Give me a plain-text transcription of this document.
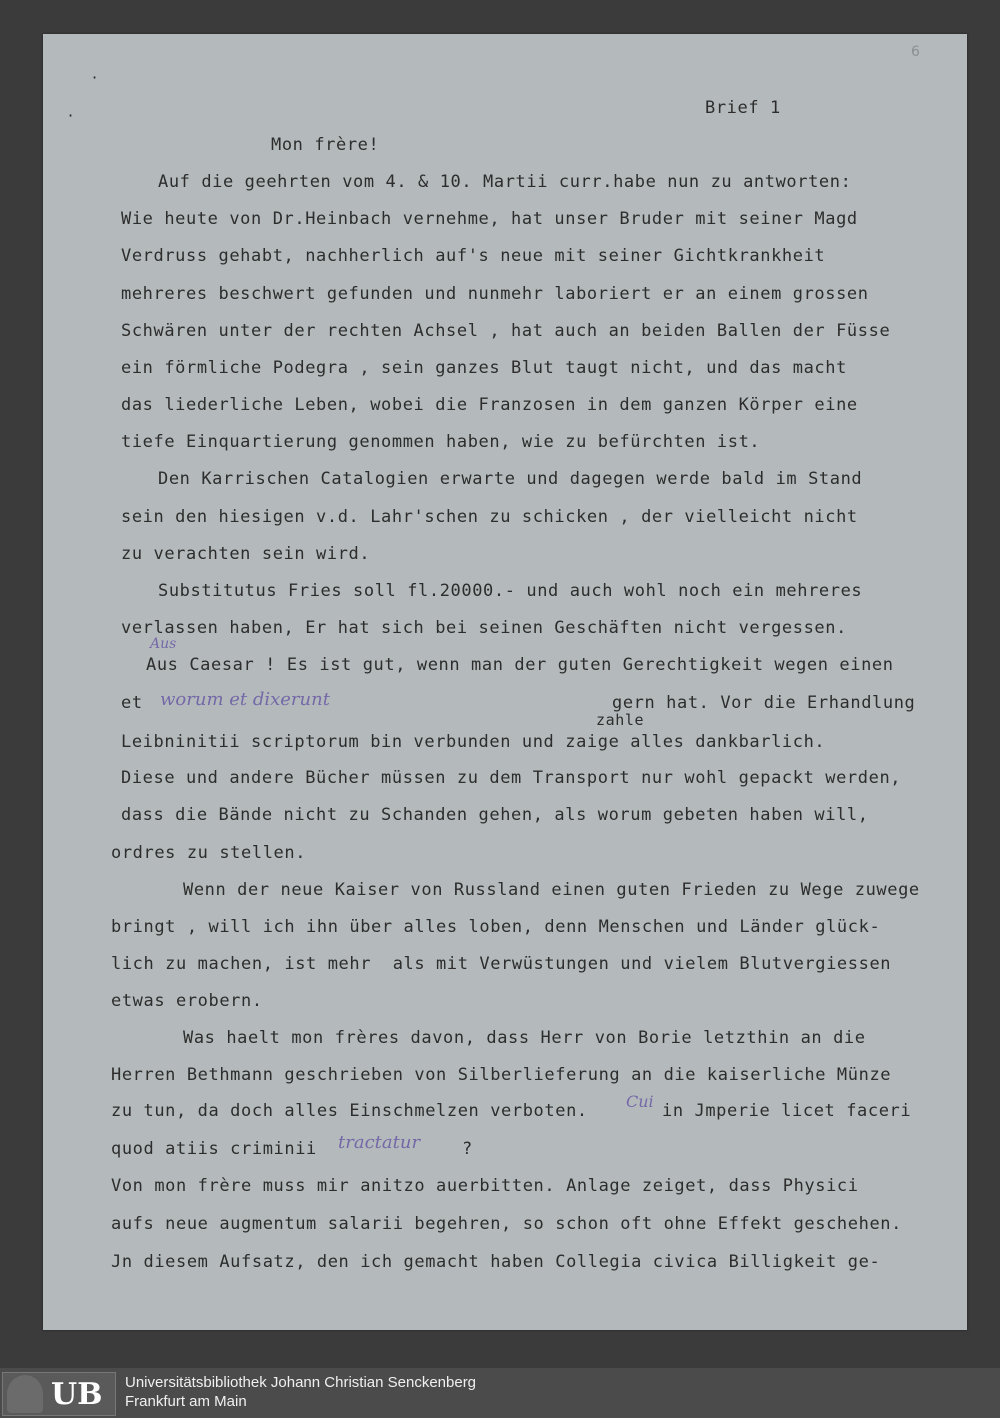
6
·
·	Brief 1
Mon frère!
Auf die geehrten vom 4. & 10. Martii curr.habe nun zu antworten:
Wie heute von Dr.Heinbach vernehme, hat unser Bruder mit seiner Magd
Verdruss gehabt, nachherlich auf's neue mit seiner Gichtkrankheit
mehreres beschwert gefunden und nunmehr laboriert er an einem grossen
Schwären unter der rechten Achsel , hat auch an beiden Ballen der Füsse
ein förmliche Podegra , sein ganzes Blut taugt nicht, und das macht
das liederliche Leben, wobei die Franzosen in dem ganzen Körper eine
tiefe Einquartierung genommen haben, wie zu befürchten ist.
Den Karrischen Catalogien erwarte und dagegen werde bald im Stand
sein den hiesigen v.d. Lahr'schen zu schicken , der vielleicht nicht
zu verachten sein wird.
Substitutus Fries soll fl.20000.- und auch wohl noch ein mehreres
verlassen haben, Er hat sich bei seinen Geschäften nicht vergessen.
Aus
Aus Caesar ! Es ist gut, wenn man der guten Gerechtigkeit wegen einen
et worum et dixerunt	gern hat. Vor die Erhandlung
zahle
Leibninitii scriptorum bin verbunden und zaige alles dankbarlich.
Diese und andere Bücher müssen zu dem Transport nur wohl gepackt werden,
dass die Bände nicht zu Schanden gehen, als worum gebeten haben will,
ordres zu stellen.
Wenn der neue Kaiser von Russland einen guten Frieden zu Wege zuwege
bringt , will ich ihn über alles loben, denn Menschen und Länder glück-
lich zu machen, ist mehr  als mit Verwüstungen und vielem Blutvergiessen
etwas erobern.
Was haelt mon frères davon, dass Herr von Borie letzthin an die
Herren Bethmann geschrieben von Silberlieferung an die kaiserliche Münze
zu tun, da doch alles Einschmelzen verboten. Cui in Jmperie licet faceri
quod atiis criminii tractatur ?
Von mon frère muss mir anitzo auerbitten. Anlage zeiget, dass Physici
aufs neue augmentum salarii begehren, so schon oft ohne Effekt geschehen.
Jn diesem Aufsatz, den ich gemacht haben Collegia civica Billigkeit ge-
UB Universitätsbibliothek Johann Christian Senckenberg
Frankfurt am Main
